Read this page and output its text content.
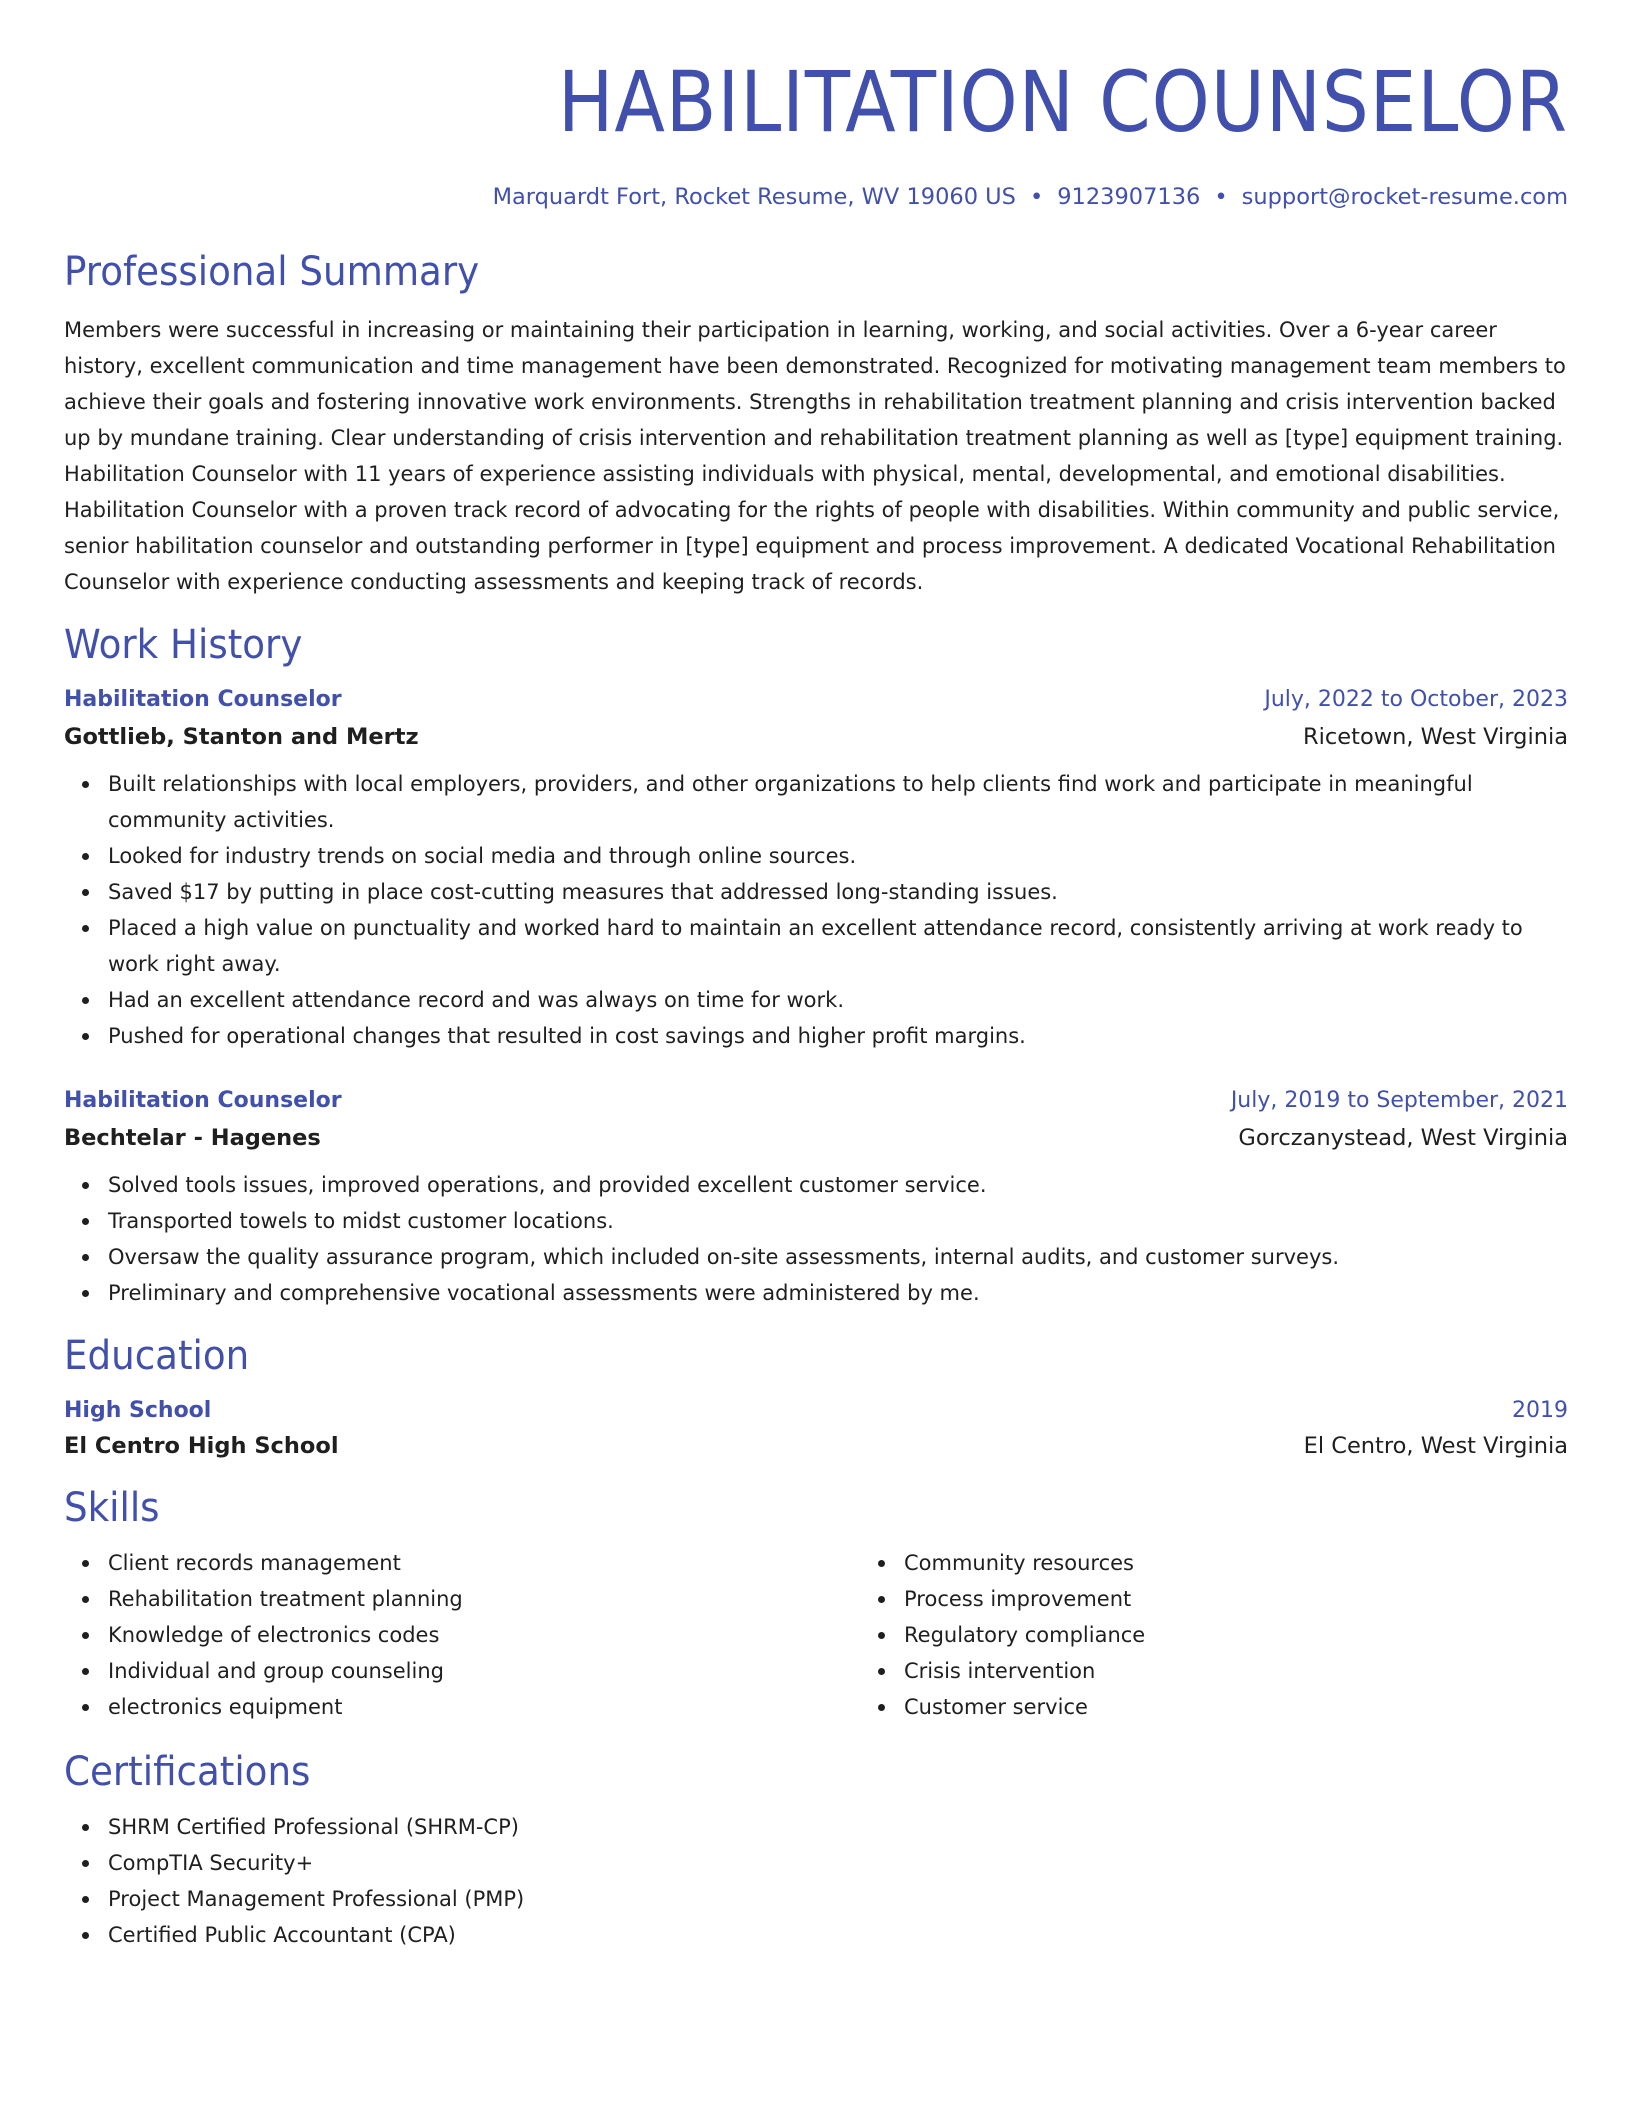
HABILITATION COUNSELOR
Marquardt Fort, Rocket Resume, WV 19060 US • 9123907136 • support@rocket-resume.com
Professional Summary

Members were successful in increasing or maintaining their participation in learning, working, and social activities. Over a 6-year career history, excellent communication and time management have been demonstrated. Recognized for motivating management team members to achieve their goals and fostering innovative work environments. Strengths in rehabilitation treatment planning and crisis intervention backed up by mundane training. Clear understanding of crisis intervention and rehabilitation treatment planning as well as [type] equipment training. Habilitation Counselor with 11 years of experience assisting individuals with physical, mental, developmental, and emotional disabilities. Habilitation Counselor with a proven track record of advocating for the rights of people with disabilities. Within community and public service, senior habilitation counselor and outstanding performer in [type] equipment and process improvement. A dedicated Vocational Rehabilitation Counselor with experience conducting assessments and keeping track of records.

Work History
Habilitation Counselor	July, 2022 to October, 2023
Gottlieb, Stanton and Mertz	Ricetown, West Virginia
Built relationships with local employers, providers, and other organizations to help clients find work and participate in meaningful community activities.
Looked for industry trends on social media and through online sources.
Saved $17 by putting in place cost-cutting measures that addressed long-standing issues.
Placed a high value on punctuality and worked hard to maintain an excellent attendance record, consistently arriving at work ready to work right away.
Had an excellent attendance record and was always on time for work.
Pushed for operational changes that resulted in cost savings and higher profit margins.
Habilitation Counselor	July, 2019 to September, 2021
Bechtelar - Hagenes	Gorczanystead, West Virginia
Solved tools issues, improved operations, and provided excellent customer service.
Transported towels to midst customer locations.
Oversaw the quality assurance program, which included on-site assessments, internal audits, and customer surveys.
Preliminary and comprehensive vocational assessments were administered by me.
Education
High School	2019
El Centro High School	El Centro, West Virginia
Skills
Client records management
Rehabilitation treatment planning
Knowledge of electronics codes
Individual and group counseling
electronics equipment
Community resources
Process improvement
Regulatory compliance
Crisis intervention
Customer service
Certifications
SHRM Certified Professional (SHRM-CP)
CompTIA Security+
Project Management Professional (PMP)
Certified Public Accountant (CPA)
